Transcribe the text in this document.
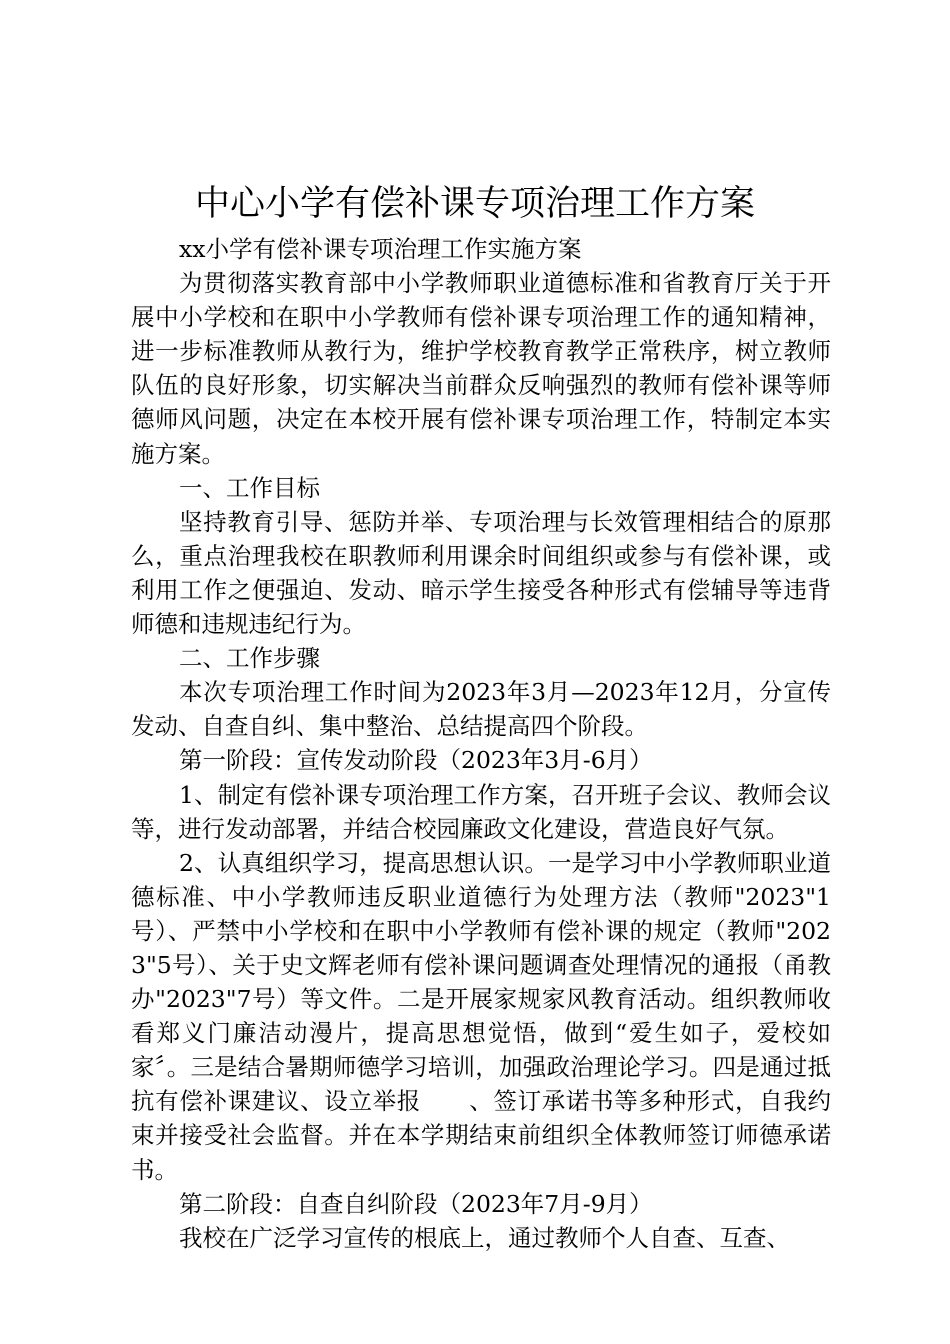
中心小学有偿补课专项治理工作方案

xx小学有偿补课专项治理工作实施方案

为贯彻落实教育部中小学教师职业道德标准和省教育厅关于开展中小学校和在职中小学教师有偿补课专项治理工作的通知精神，进一步标准教师从教行为，维护学校教育教学正常秩序，树立教师队伍的良好形象，切实解决当前群众反响强烈的教师有偿补课等师德师风问题，决定在本校开展有偿补课专项治理工作，特制定本实施方案。

一、工作目标

坚持教育引导、惩防并举、专项治理与长效管理相结合的原那么，重点治理我校在职教师利用课余时间组织或参与有偿补课，或利用工作之便强迫、发动、暗示学生接受各种形式有偿辅导等违背师德和违规违纪行为。

二、工作步骤

本次专项治理工作时间为2023年3月—2023年12月，分宣传发动、自查自纠、集中整治、总结提高四个阶段。

第一阶段：宣传发动阶段（2023年3月-6月）

1、制定有偿补课专项治理工作方案，召开班子会议、教师会议等，进行发动部署，并结合校园廉政文化建设，营造良好气氛。

2、认真组织学习，提高思想认识。一是学习中小学教师职业道德标准、中小学教师违反职业道德行为处理方法（教师"2023"1号）、严禁中小学校和在职中小学教师有偿补课的规定（教师"2023"5号）、关于史文辉老师有偿补课问题调查处理情况的通报（甬教办"2023"7号）等文件。二是开展家规家风教育活动。组织教师收看郑义门廉洁动漫片，提高思想觉悟，做到“爱生如子，爱校如家〞。三是结合暑期师德学习培训，加强政治理论学习。四是通过抵抗有偿补课建议、设立举报　　、签订承诺书等多种形式，自我约束并接受社会监督。并在本学期结束前组织全体教师签订师德承诺书。

第二阶段：自查自纠阶段（2023年7月-9月）

我校在广泛学习宣传的根底上，通过教师个人自查、互查、
